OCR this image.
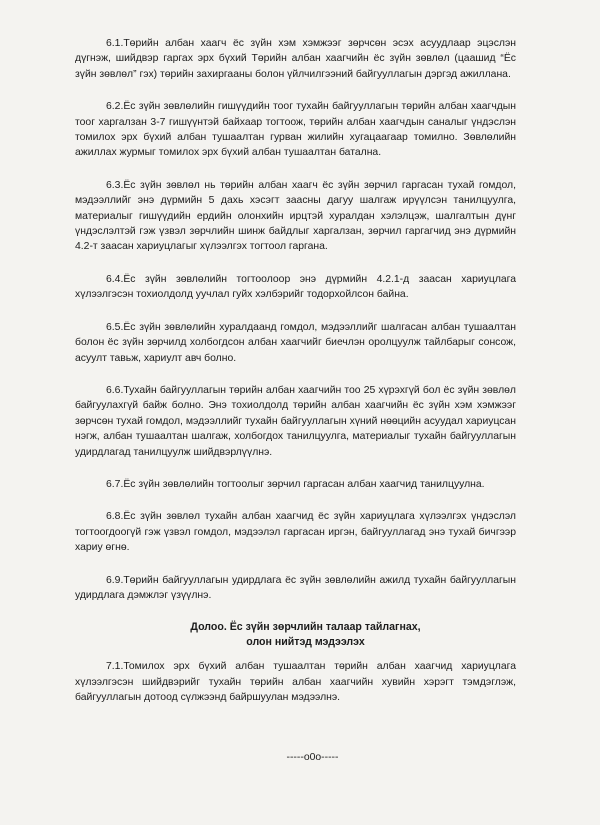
6.1.Төрийн албан хаагч ёс зүйн хэм хэмжээг зөрчсөн эсэх асуудлаар эцэслэн дүгнэж, шийдвэр гаргах эрх бүхий Төрийн албан хаагчийн ёс зүйн зөвлөл (цаашид “Ёс зүйн зөвлөл” гэх) төрийн захиргааны болон үйлчилгээний байгууллагын дэргэд ажиллана.

6.2.Ёс зүйн зөвлөлийн гишүүдийн тоог тухайн байгууллагын төрийн албан хаагчдын тоог харгалзан 3-7 гишүүнтэй байхаар тогтоож, төрийн албан хаагчдын саналыг үндэслэн томилох эрх бүхий албан тушаалтан гурван жилийн хугацаагаар томилно. Зөвлөлийн ажиллах журмыг томилох эрх бүхий албан тушаалтан батална.

6.3.Ёс зүйн зөвлөл нь төрийн албан хаагч ёс зүйн зөрчил гаргасан тухай гомдол, мэдээллийг энэ дүрмийн 5 дахь хэсэгт заасны дагуу шалгаж ирүүлсэн танилцуулга, материалыг гишүүдийн ердийн олонхийн ирцтэй хуралдан хэлэлцэж, шалгалтын дүнг үндэслэлтэй гэж үзвэл зөрчлийн шинж байдлыг харгалзан, зөрчил гаргагчид энэ дүрмийн 4.2-т заасан хариуцлагыг хүлээлгэх тогтоол гаргана.

6.4.Ёс зүйн зөвлөлийн тогтоолоор энэ дүрмийн 4.2.1-д заасан хариуцлага хүлээлгэсэн тохиолдолд уучлал гуйх хэлбэрийг тодорхойлсон байна.

6.5.Ёс зүйн зөвлөлийн хуралдаанд гомдол, мэдээллийг шалгасан албан тушаалтан болон ёс зүйн зөрчилд холбогдсон албан хаагчийг биечлэн оролцуулж тайлбарыг сонсож, асуулт тавьж, хариулт авч болно.

6.6.Тухайн байгууллагын төрийн албан хаагчийн тоо 25 хүрэхгүй бол ёс зүйн зөвлөл байгуулахгүй байж болно. Энэ тохиолдолд төрийн албан хаагчийн ёс зүйн хэм хэмжээг зөрчсөн тухай гомдол, мэдээллийг тухайн байгууллагын хүний нөөцийн асуудал хариуцсан нэгж, албан тушаалтан шалгаж, холбогдох танилцуулга, материалыг тухайн байгууллагын удирдлагад танилцуулж шийдвэрлүүлнэ.

6.7.Ёс зүйн зөвлөлийн тогтоолыг зөрчил гаргасан албан хаагчид танилцуулна.

6.8.Ёс зүйн зөвлөл тухайн албан хаагчид ёс зүйн хариуцлага хүлээлгэх үндэслэл тогтоогдоогүй гэж үзвэл гомдол, мэдээлэл гаргасан иргэн, байгууллагад энэ тухай бичгээр хариу өгнө.

6.9.Төрийн байгууллагын удирдлага ёс зүйн зөвлөлийн ажилд тухайн байгууллагын удирдлага дэмжлэг үзүүлнэ.

Долоо. Ёс зүйн зөрчлийн талаар тайлагнах,
олон нийтэд мэдээлэх

7.1.Томилох эрх бүхий албан тушаалтан төрийн албан хаагчид хариуцлага хүлээлгэсэн шийдвэрийг тухайн төрийн албан хаагчийн хувийн хэрэгт тэмдэглэж, байгууллагын дотоод сүлжээнд байршуулан мэдээлнэ.

-----o0o-----
